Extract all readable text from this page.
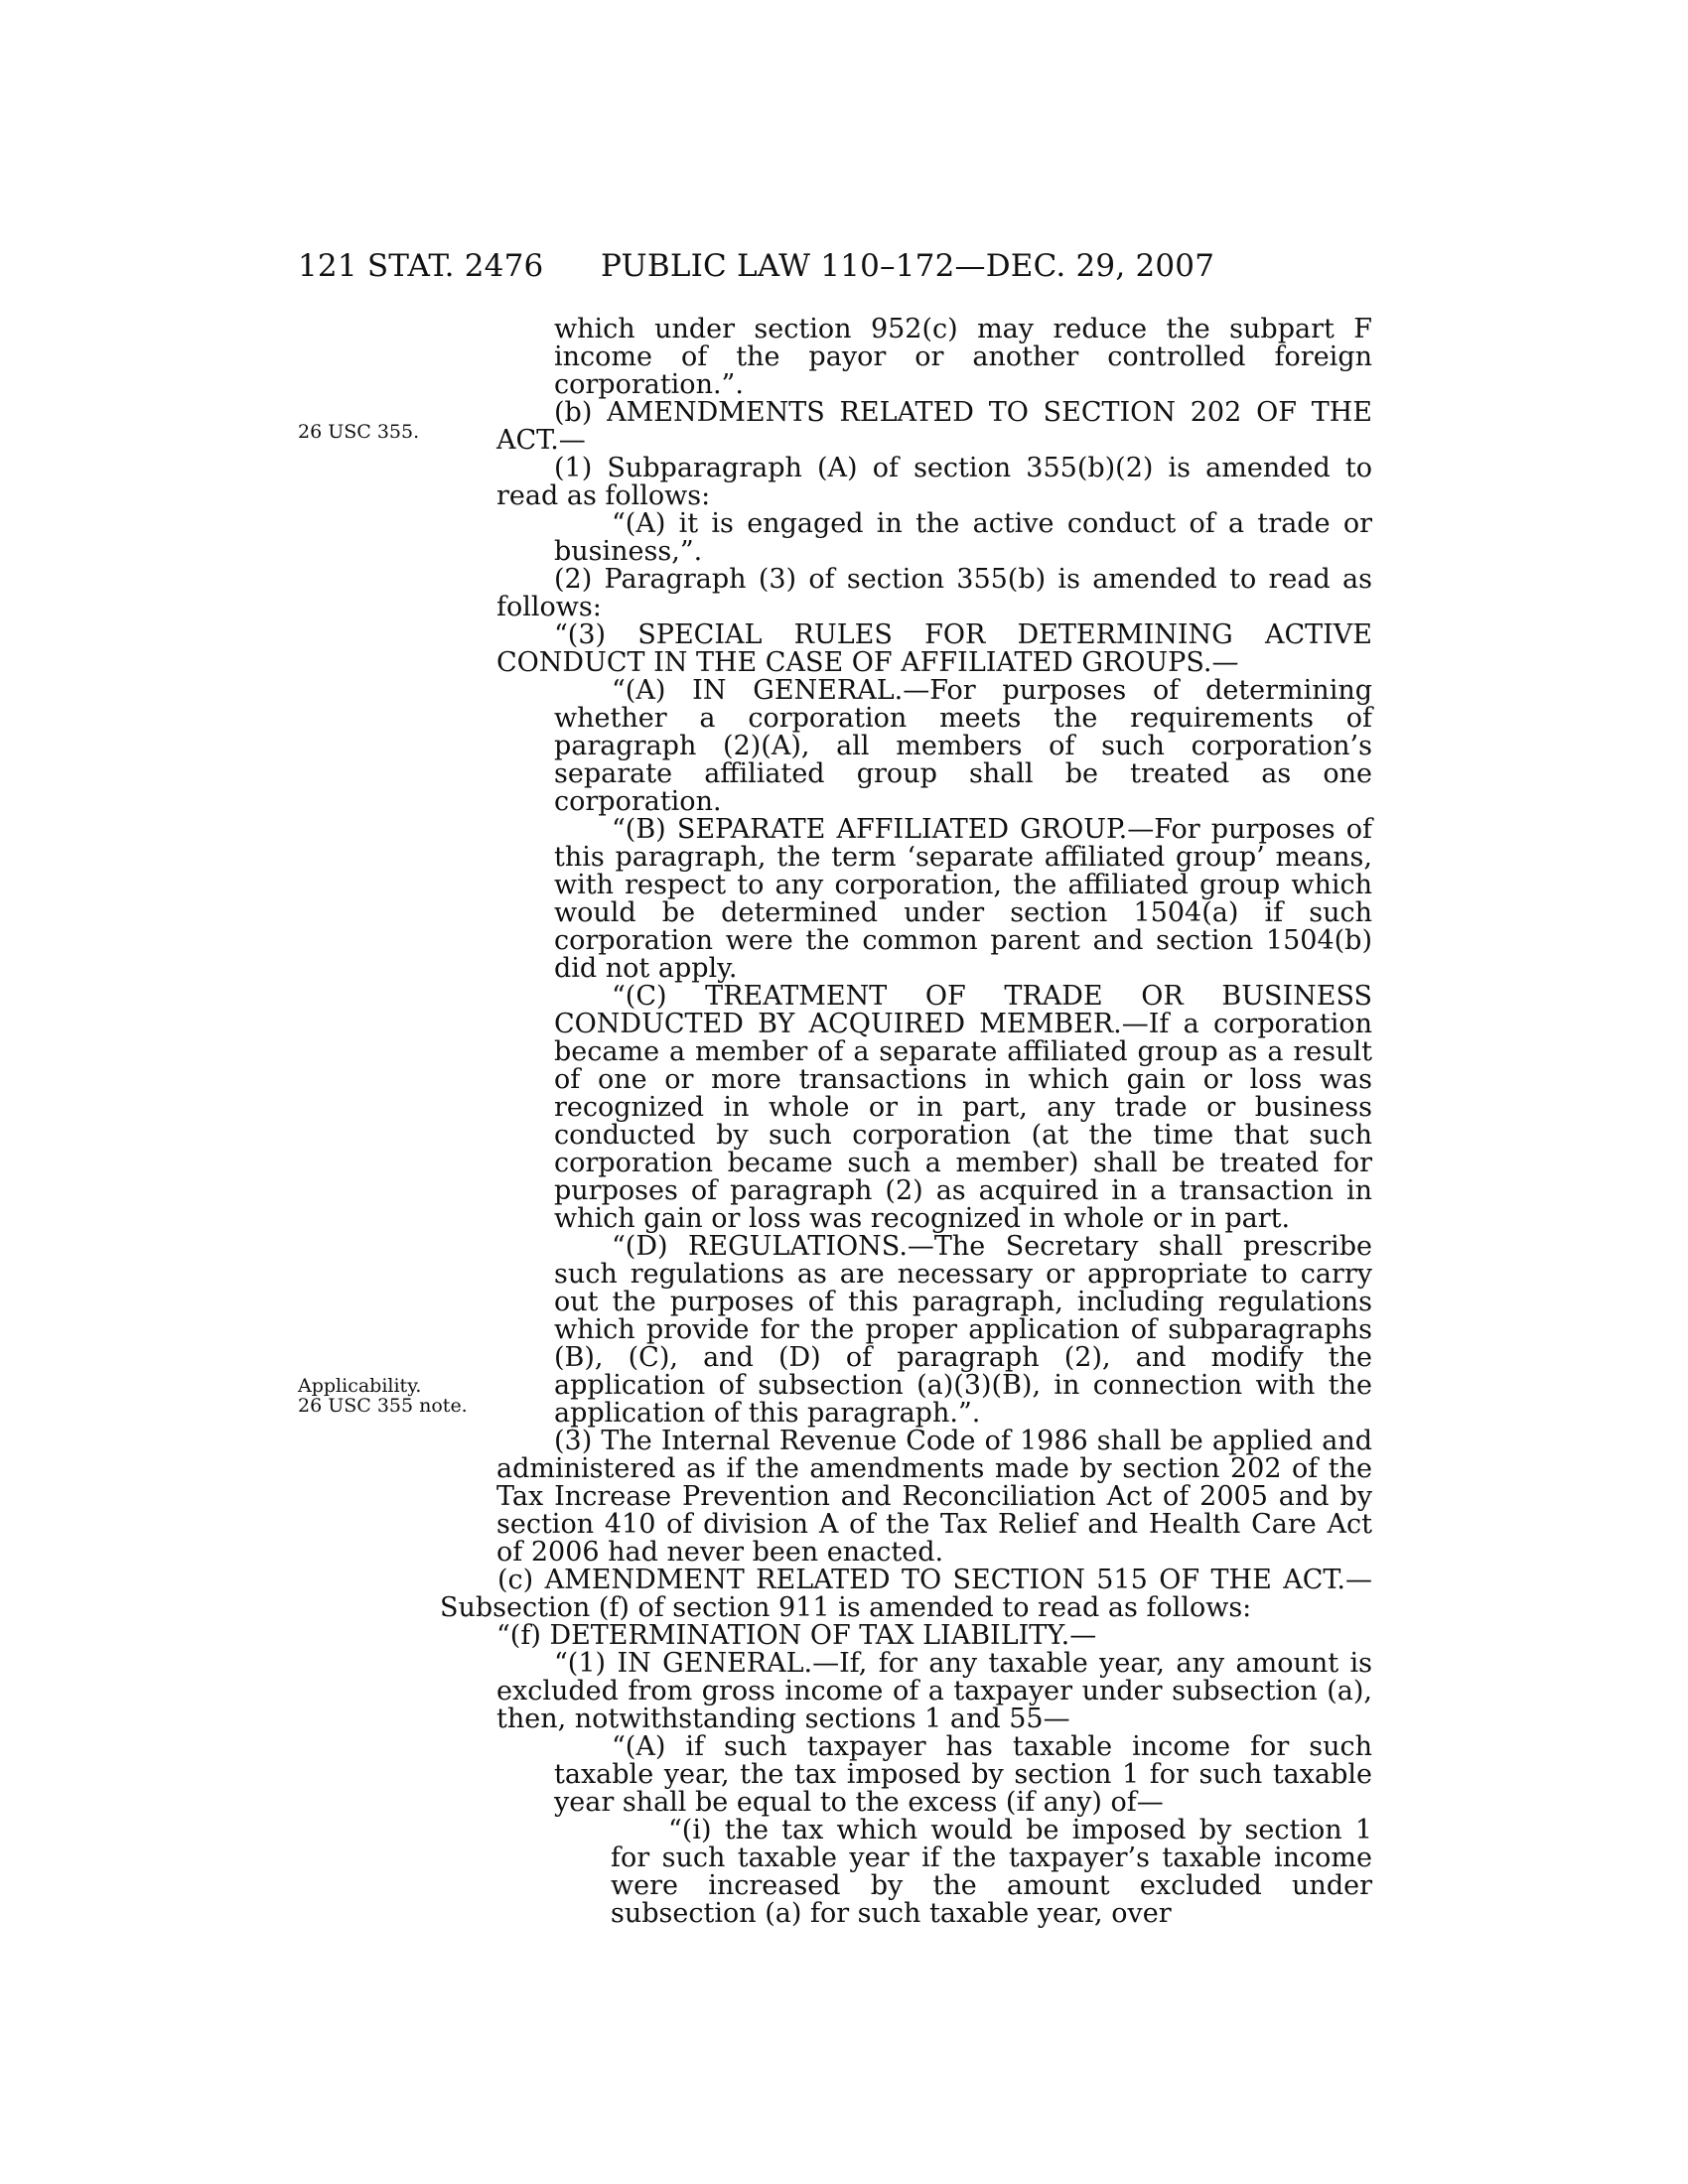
121 STAT. 2476 PUBLIC LAW 110–172—DEC. 29, 2007
26 USC 355.
Applicability.
26 USC 355 note.

which under section 952(c) may reduce the subpart F income of the payor or another controlled foreign corporation.”.

(b) AMENDMENTS RELATED TO SECTION 202 OF THE ACT.—

(1) Subparagraph (A) of section 355(b)(2) is amended to read as follows:

“(A) it is engaged in the active conduct of a trade or business,”.

(2) Paragraph (3) of section 355(b) is amended to read as follows:

“(3) SPECIAL RULES FOR DETERMINING ACTIVE CONDUCT IN THE CASE OF AFFILIATED GROUPS.—

“(A) IN GENERAL.—For purposes of determining whether a corporation meets the requirements of paragraph (2)(A), all members of such corporation’s separate affiliated group shall be treated as one corporation.

“(B) SEPARATE AFFILIATED GROUP.—For purposes of this paragraph, the term ‘separate affiliated group’ means, with respect to any corporation, the affiliated group which would be determined under section 1504(a) if such corporation were the common parent and section 1504(b) did not apply.

“(C) TREATMENT OF TRADE OR BUSINESS CONDUCTED BY ACQUIRED MEMBER.—If a corporation became a member of a separate affiliated group as a result of one or more transactions in which gain or loss was recognized in whole or in part, any trade or business conducted by such corporation (at the time that such corporation became such a member) shall be treated for purposes of paragraph (2) as acquired in a transaction in which gain or loss was recognized in whole or in part.

“(D) REGULATIONS.—The Secretary shall prescribe such regulations as are necessary or appropriate to carry out the purposes of this paragraph, including regulations which provide for the proper application of subparagraphs (B), (C), and (D) of paragraph (2), and modify the application of subsection (a)(3)(B), in connection with the application of this paragraph.”.

(3) The Internal Revenue Code of 1986 shall be applied and administered as if the amendments made by section 202 of the Tax Increase Prevention and Reconciliation Act of 2005 and by section 410 of division A of the Tax Relief and Health Care Act of 2006 had never been enacted.

(c) AMENDMENT RELATED TO SECTION 515 OF THE ACT.—Subsection (f) of section 911 is amended to read as follows:

“(f) DETERMINATION OF TAX LIABILITY.—

“(1) IN GENERAL.—If, for any taxable year, any amount is excluded from gross income of a taxpayer under subsection (a), then, notwithstanding sections 1 and 55—

“(A) if such taxpayer has taxable income for such taxable year, the tax imposed by section 1 for such taxable year shall be equal to the excess (if any) of—

“(i) the tax which would be imposed by section 1 for such taxable year if the taxpayer’s taxable income were increased by the amount excluded under subsection (a) for such taxable year, over
